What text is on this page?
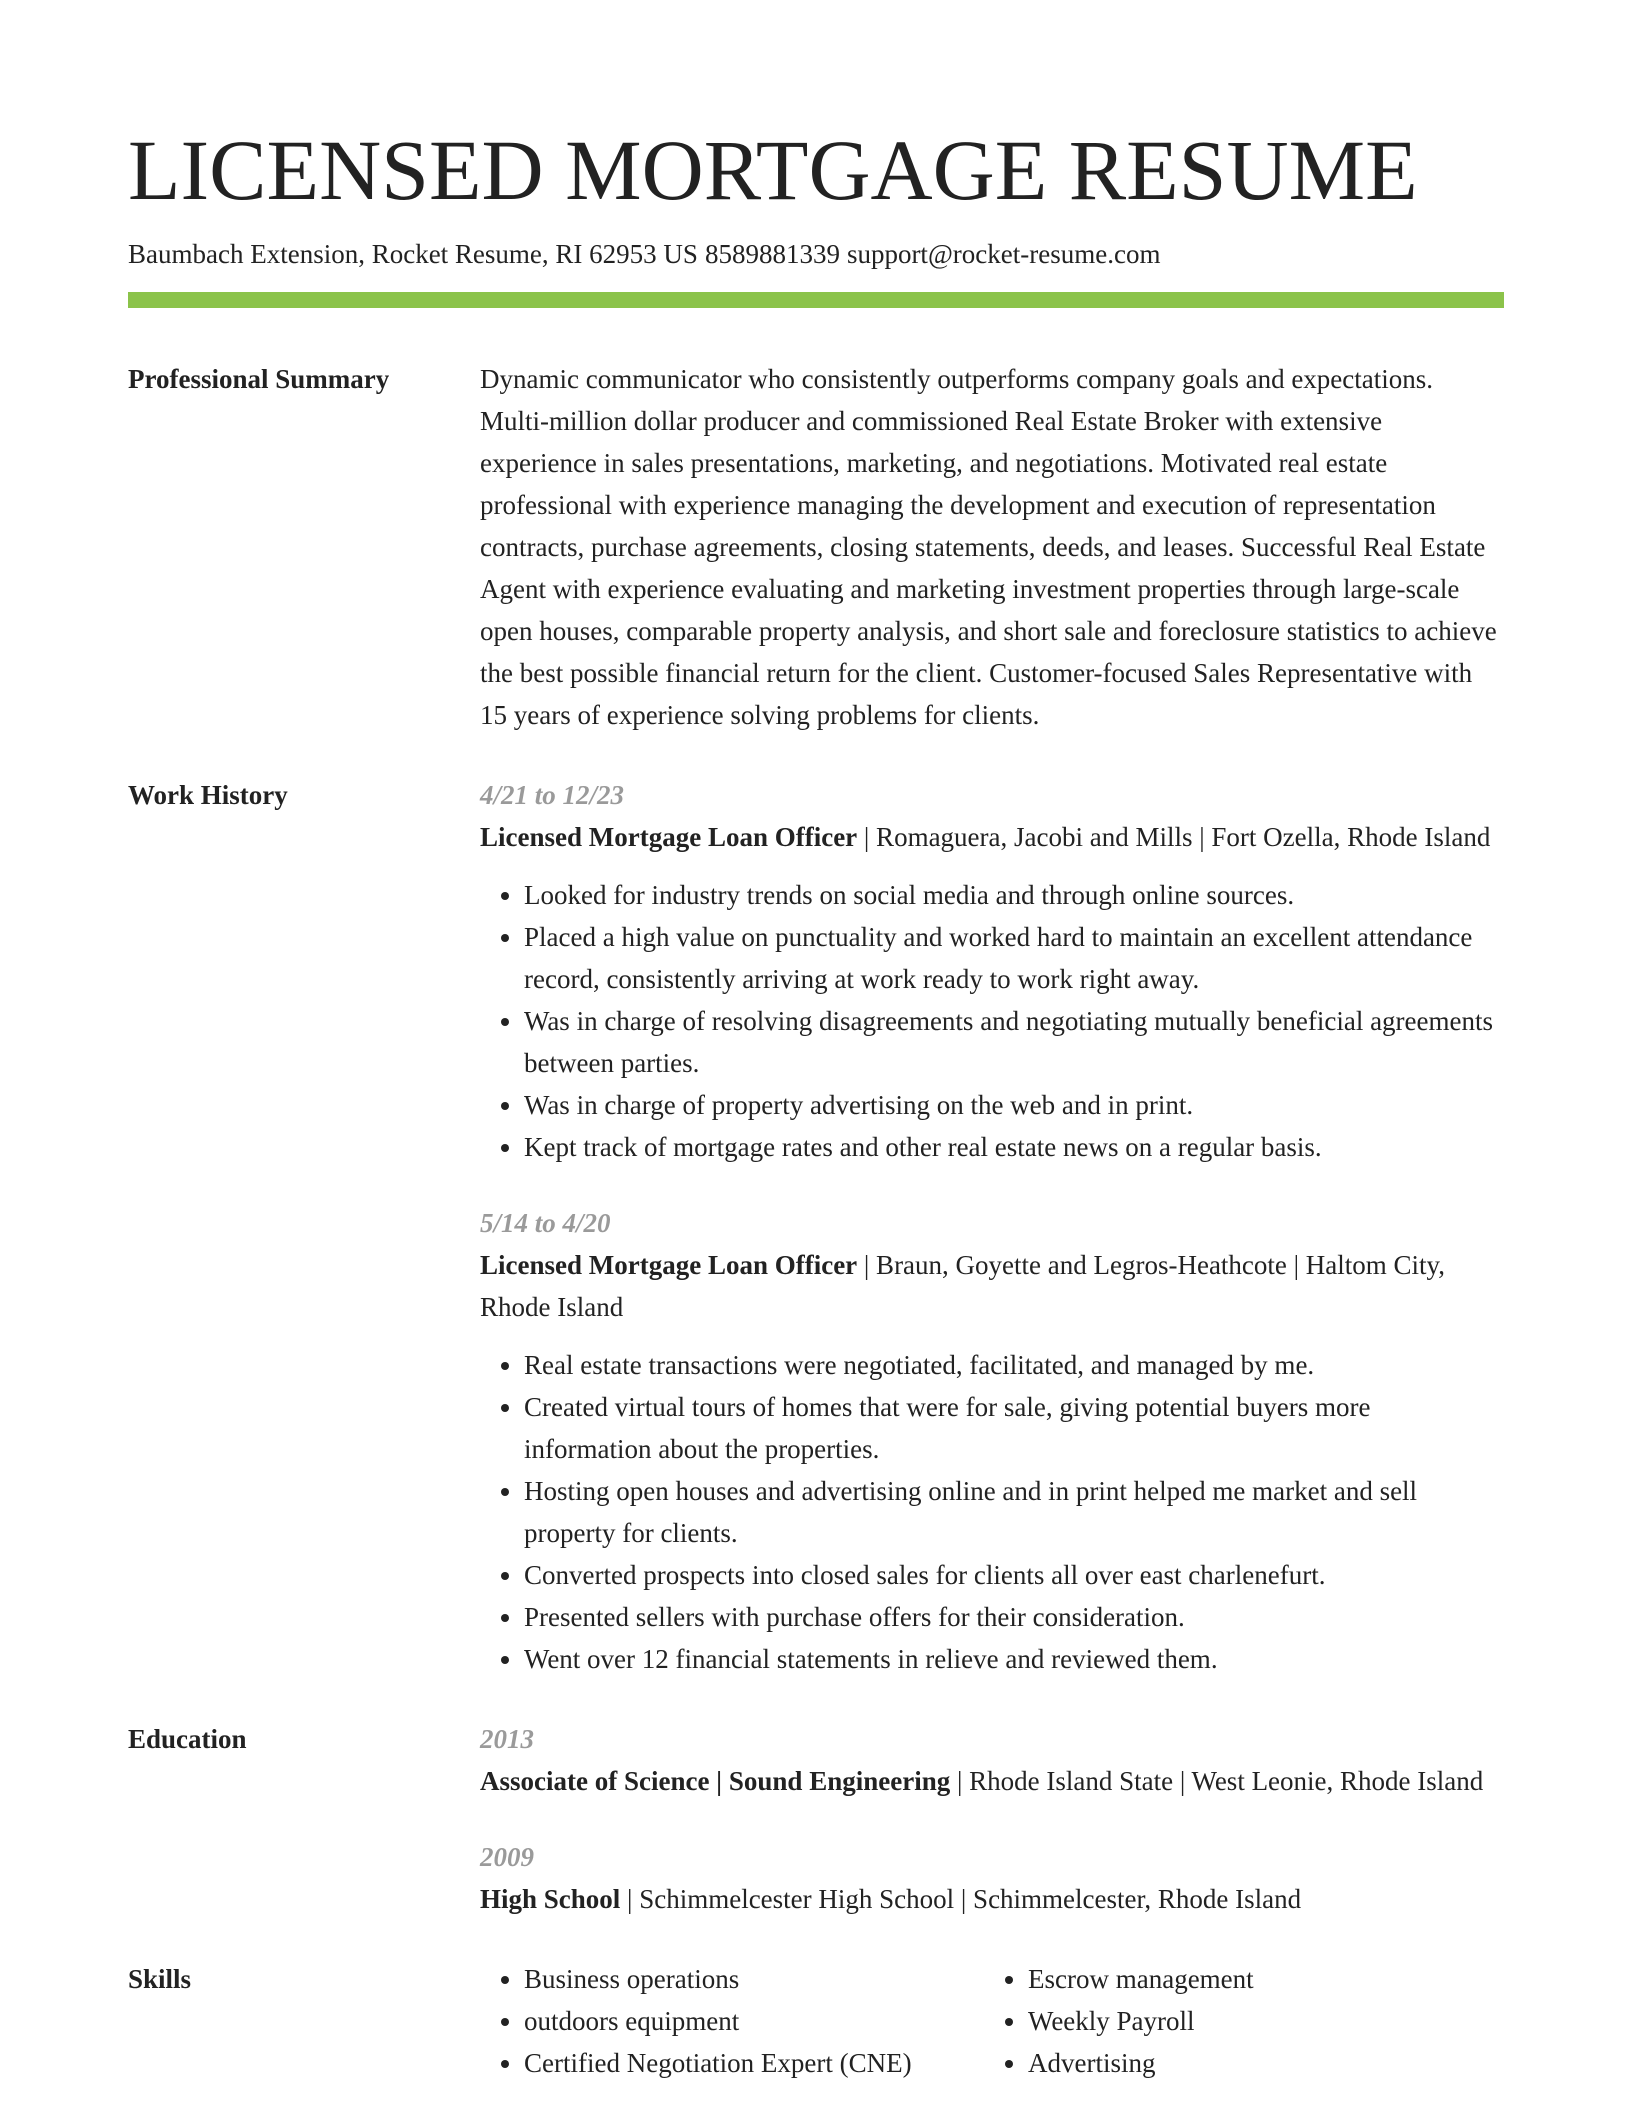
LICENSED MORTGAGE RESUME
Baumbach Extension, Rocket Resume, RI 62953 US 8589881339 support@rocket-resume.com
Professional Summary	Dynamic communicator who consistently outperforms company goals and expectations. Multi-million dollar producer and commissioned Real Estate Broker with extensive experience in sales presentations, marketing, and negotiations. Motivated real estate professional with experience managing the development and execution of representation contracts, purchase agreements, closing statements, deeds, and leases. Successful Real Estate Agent with experience evaluating and marketing investment properties through large-scale open houses, comparable property analysis, and short sale and foreclosure statistics to achieve the best possible financial return for the client. Customer-focused Sales Representative with 15 years of experience solving problems for clients.

Work History	4/21 to 12/23
Licensed Mortgage Loan Officer | Romaguera, Jacobi and Mills | Fort Ozella, Rhode Island
• Looked for industry trends on social media and through online sources.
• Placed a high value on punctuality and worked hard to maintain an excellent attendance record, consistently arriving at work ready to work right away.
• Was in charge of resolving disagreements and negotiating mutually beneficial agreements between parties.
• Was in charge of property advertising on the web and in print.
• Kept track of mortgage rates and other real estate news on a regular basis.
5/14 to 4/20
Licensed Mortgage Loan Officer | Braun, Goyette and Legros-Heathcote | Haltom City, Rhode Island
• Real estate transactions were negotiated, facilitated, and managed by me.
• Created virtual tours of homes that were for sale, giving potential buyers more information about the properties.
• Hosting open houses and advertising online and in print helped me market and sell property for clients.
• Converted prospects into closed sales for clients all over east charlenefurt.
• Presented sellers with purchase offers for their consideration.
• Went over 12 financial statements in relieve and reviewed them.
Education	2013
Associate of Science | Sound Engineering | Rhode Island State | West Leonie, Rhode Island
2009
High School | Schimmelcester High School | Schimmelcester, Rhode Island
Skills
•	Business operations
• outdoors equipment
• Certified Negotiation Expert (CNE)
• Escrow management
• Weekly Payroll
• Advertising
